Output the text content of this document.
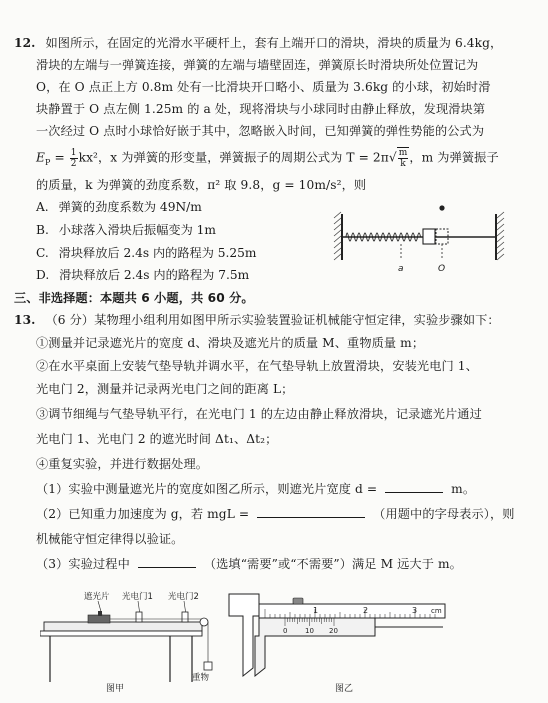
12. 如图所示，在固定的光滑水平硬杆上，套有上端开口的滑块，滑块的质量为 6.4kg，
滑块的左端与一弹簧连接，弹簧的左端与墙壁固连，弹簧原长时滑块所处位置记为
O，在 O 点正上方 0.8m 处有一比滑块开口略小、质量为 3.6kg 的小球，初始时滑
块静置于 O 点左侧 1.25m 的 a 处，现将滑块与小球同时由静止释放，发现滑块第
一次经过 O 点时小球恰好嵌于其中，忽略嵌入时间，已知弹簧的弹性势能的公式为
$E_P = \frac{1}{2} kx^2$，x 为弹簧的形变量，弹簧振子的周期公式为 $T = 2\pi√ \frac{m}{k}$ ，m 为弹簧振子
的质量，k 为弹簧的劲度系数，π² 取 9.8，g = 10m/s²，则
A. 弹簧的劲度系数为 49N/m
B. 小球落入滑块后振幅变为 1m
C. 滑块释放后 2.4s 内的路程为 5.25m
D. 滑块释放后 2.4s 内的路程为 7.5m	a	O
三、非选择题：本题共 6 小题，共 60 分。
13. （6 分）某物理小组利用如图甲所示实验装置验证机械能守恒定律，实验步骤如下：
①测量并记录遮光片的宽度 d、滑块及遮光片的质量 M、重物质量 m；
②在水平桌面上安装气垫导轨并调水平，在气垫导轨上放置滑块，安装光电门 1、
光电门 2，测量并记录两光电门之间的距离 L；
③调节细绳与气垫导轨平行，在光电门 1 的左边由静止释放滑块，记录遮光片通过
光电门 1、光电门 2 的遮光时间 Δt₁、Δt₂；
④重复实验，并进行数据处理。
（1）实验中测量遮光片的宽度如图乙所示，则遮光片宽度 d =	m。
（2）已知重力加速度为 g，若 mgL =	（用题中的字母表示），则
机械能守恒定律得以验证。
（3）实验过程中	（选填“需要”或“不需要”）满足 M 远大于 m。
遮光片 光电门1 光电门2
重物
图甲
1	2	3 cm
0	10 20
图乙
